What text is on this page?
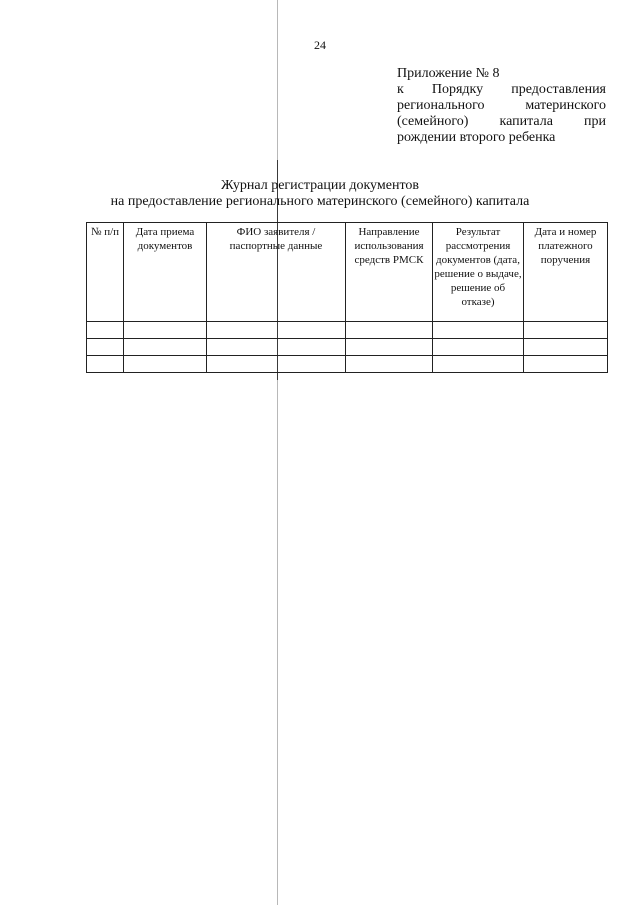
24
Приложение № 8
к Порядку предоставления
регионального материнского
(семейного) капитала при
рождении второго ребенка
Журнал регистрации документов
на предоставление регионального материнского (семейного) капитала
№ п/п	Дата приема документов	ФИО заявителя / паспортные данные	Направление использования средств РМСК	Результат рассмотрения документов (дата, решение о выдаче, решение об отказе)	Дата и номер платежного поручения
